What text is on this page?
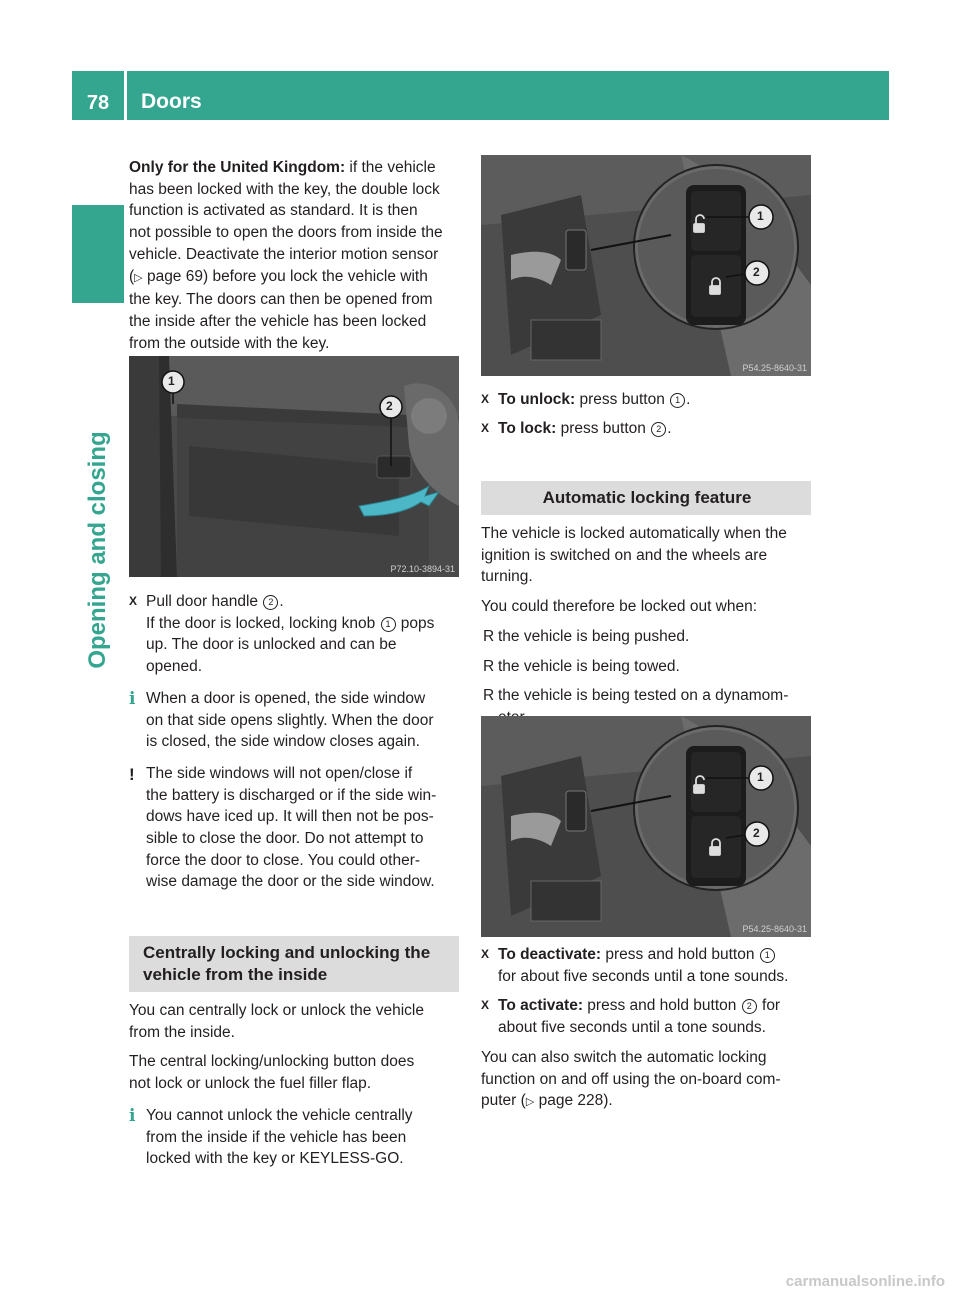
78	Doors
Opening and closing

Only for the United Kingdom: if the vehicle

has been locked with the key, the double lock

function is activated as standard. It is then

not possible to open the doors from inside the

vehicle. Deactivate the interior motion sensor

(▷ page 69) before you lock the vehicle with

the key. The doors can then be opened from

the inside after the vehicle has been locked

from the outside with the key.

1
2
P72.10-3894-31
X Pull door handle 2 .

If the door is locked, locking knob 1 pops

up. The door is unlocked and can be

opened.

i When a door is opened, the side window

on that side opens slightly. When the door

is closed, the side window closes again.

! The side windows will not open/close if

the battery is discharged or if the side win-

dows have iced up. It will then not be pos-

sible to close the door. Do not attempt to

force the door to close. You could other-

wise damage the door or the side window.

Centrally locking and unlocking the
vehicle from the inside

You can centrally lock or unlock the vehicle

from the inside.

The central locking/unlocking button does

not lock or unlock the fuel filler flap.

i You cannot unlock the vehicle centrally

from the inside if the vehicle has been

locked with the key or KEYLESS-GO.

1
2
P54.25-8640-31
X To unlock: press button 1 .

X To lock: press button 2 .

Automatic locking feature

The vehicle is locked automatically when the

ignition is switched on and the wheels are

turning.

You could therefore be locked out when:

R the vehicle is being pushed.

R the vehicle is being towed.

R the vehicle is being tested on a dynamom-

1
2
P54.25-8640-31
X To deactivate: press and hold button 1

for about five seconds until a tone sounds.

X To activate: press and hold button 2 for

about five seconds until a tone sounds.

You can also switch the automatic locking

function on and off using the on-board com-

puter (▷ page 228).

carmanualsonline.info
